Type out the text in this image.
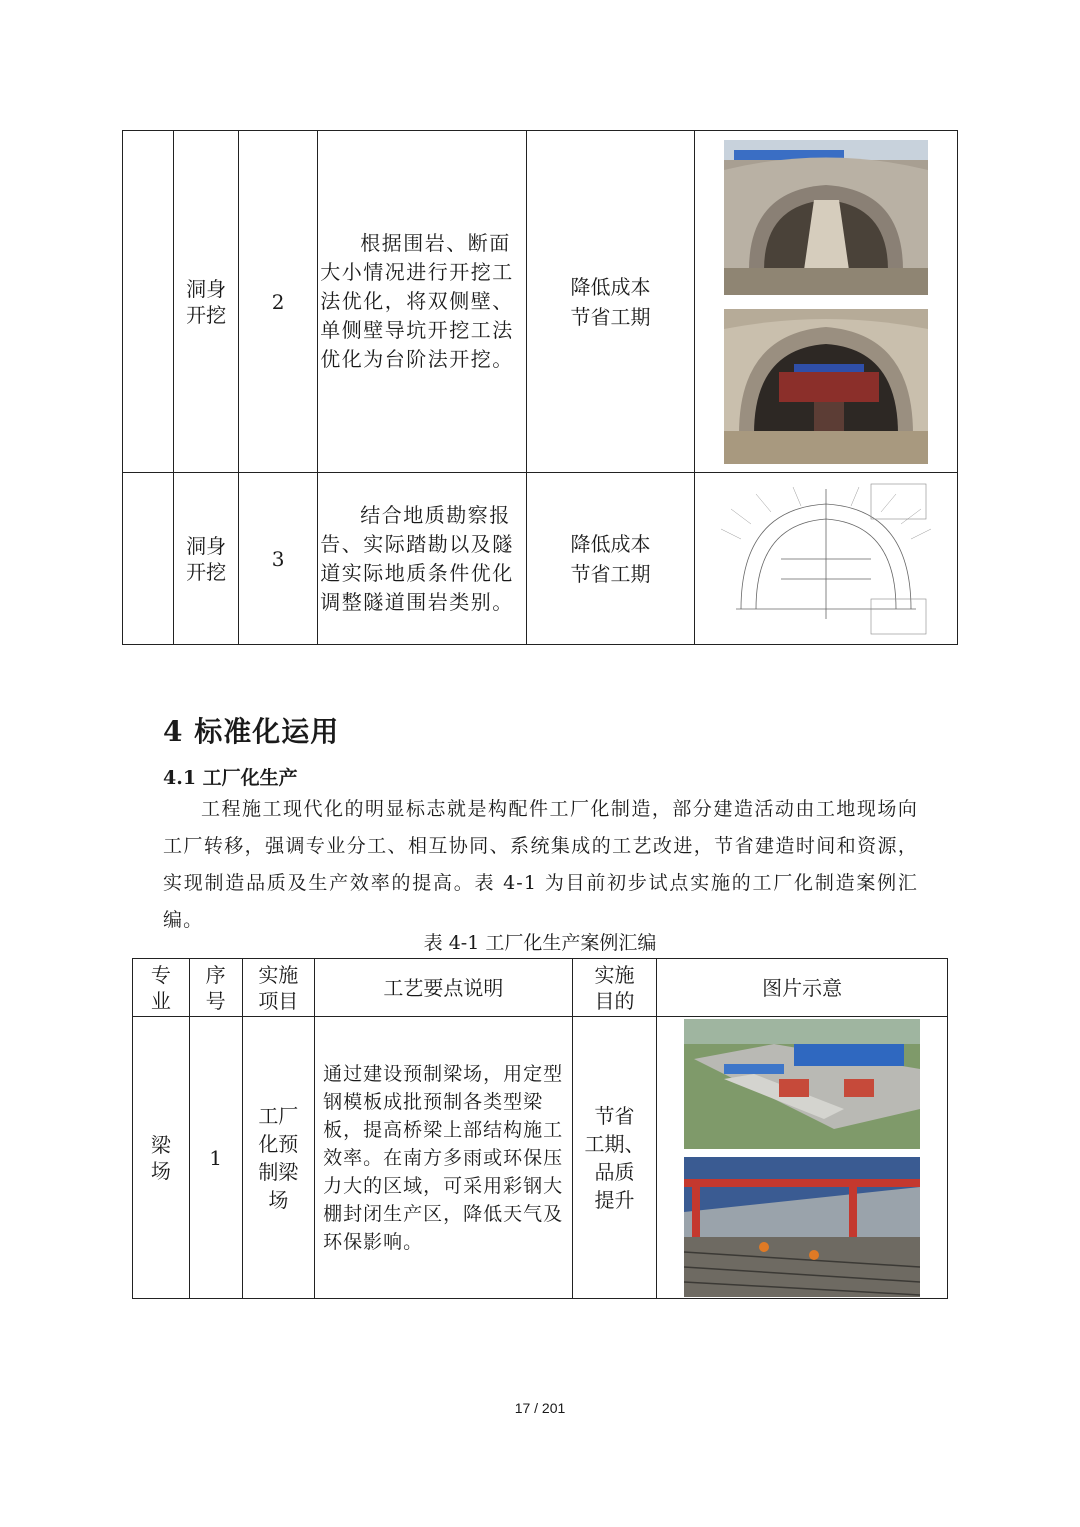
	洞身
开挖	2	根据围岩、断面大小情况进行开挖工法优化，将双侧壁、单侧壁导坑开挖工法优化为台阶法开挖。	降低成本
节省工期

	洞身
开挖	3	结合地质勘察报告、实际踏勘以及隧道实际地质条件优化调整隧道围岩类别。	降低成本
节省工期

4 标准化运用
4.1 工厂化生产
工程施工现代化的明显标志就是构配件工厂化制造，部分建造活动由工地现场向工厂转移，强调专业分工、相互协同、系统集成的工艺改进，节省建造时间和资源，实现制造品质及生产效率的提高。表 4-1 为目前初步试点实施的工厂化制造案例汇编。
表 4-1 工厂化生产案例汇编
专
业	序
号	实施
项目	工艺要点说明	实施
目的	图片示意

梁
场	1	工厂
化预
制梁
场	通过建设预制梁场，用定型钢模板成批预制各类型梁板，提高桥梁上部结构施工效率。在南方多雨或环保压力大的区域，可采用彩钢大棚封闭生产区，降低天气及环保影响。	节省
工期、
品质
提升

17 / 201
